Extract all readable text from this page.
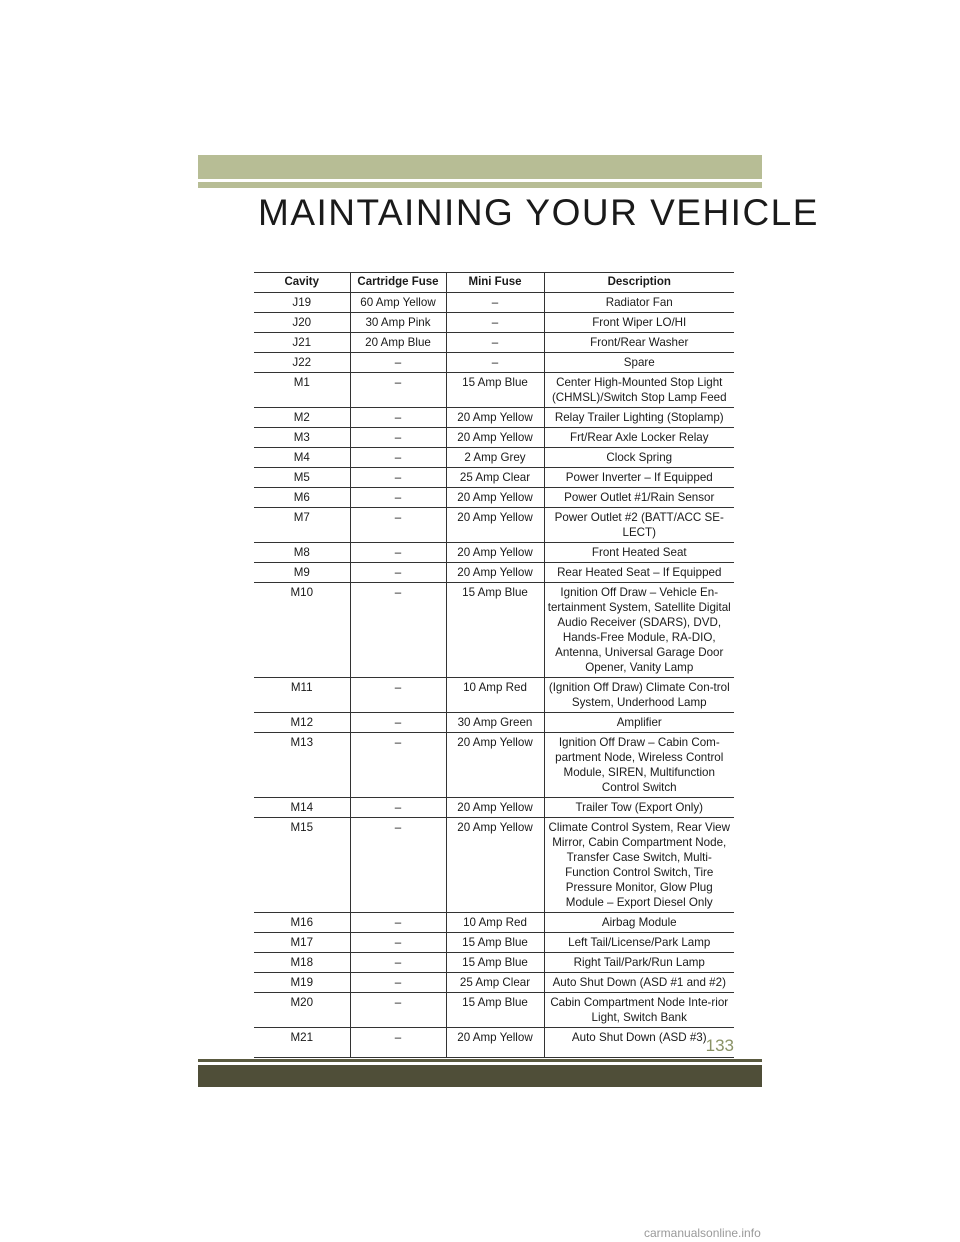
MAINTAINING YOUR VEHICLE
Cavity	Cartridge Fuse	Mini Fuse	Description
J19	60 Amp Yellow	–	Radiator Fan
J20	30 Amp Pink	–	Front Wiper LO/HI
J21	20 Amp Blue	–	Front/Rear Washer
J22	–	–	Spare
M1	–	15 Amp Blue	Center High-Mounted Stop Light (CHMSL)/Switch Stop Lamp Feed
M2	–	20 Amp Yellow	Relay Trailer Lighting (Stoplamp)
M3	–	20 Amp Yellow	Frt/Rear Axle Locker Relay
M4	–	2 Amp Grey	Clock Spring
M5	–	25 Amp Clear	Power Inverter – If Equipped
M6	–	20 Amp Yellow	Power Outlet #1/Rain Sensor
M7	–	20 Amp Yellow	Power Outlet #2 (BATT/ACC SE-LECT)
M8	–	20 Amp Yellow	Front Heated Seat
M9	–	20 Amp Yellow	Rear Heated Seat – If Equipped
M10	–	15 Amp Blue	Ignition Off Draw – Vehicle En-tertainment System, Satellite Digital Audio Receiver (SDARS), DVD, Hands-Free Module, RA-DIO, Antenna, Universal Garage Door Opener, Vanity Lamp
M11	–	10 Amp Red	(Ignition Off Draw) Climate Con-trol System, Underhood Lamp
M12	–	30 Amp Green	Amplifier
M13	–	20 Amp Yellow	Ignition Off Draw – Cabin Com-partment Node, Wireless Control Module, SIREN, Multifunction Control Switch
M14	–	20 Amp Yellow	Trailer Tow (Export Only)
M15	–	20 Amp Yellow	Climate Control System, Rear View Mirror, Cabin Compartment Node, Transfer Case Switch, Multi-Function Control Switch, Tire Pressure Monitor, Glow Plug Module – Export Diesel Only
M16	–	10 Amp Red	Airbag Module
M17	–	15 Amp Blue	Left Tail/License/Park Lamp
M18	–	15 Amp Blue	Right Tail/Park/Run Lamp
M19	–	25 Amp Clear	Auto Shut Down (ASD #1 and #2)
M20	–	15 Amp Blue	Cabin Compartment Node Inte-rior Light, Switch Bank
M21	–	20 Amp Yellow	Auto Shut Down (ASD #3) 133
carmanualsonline.info
